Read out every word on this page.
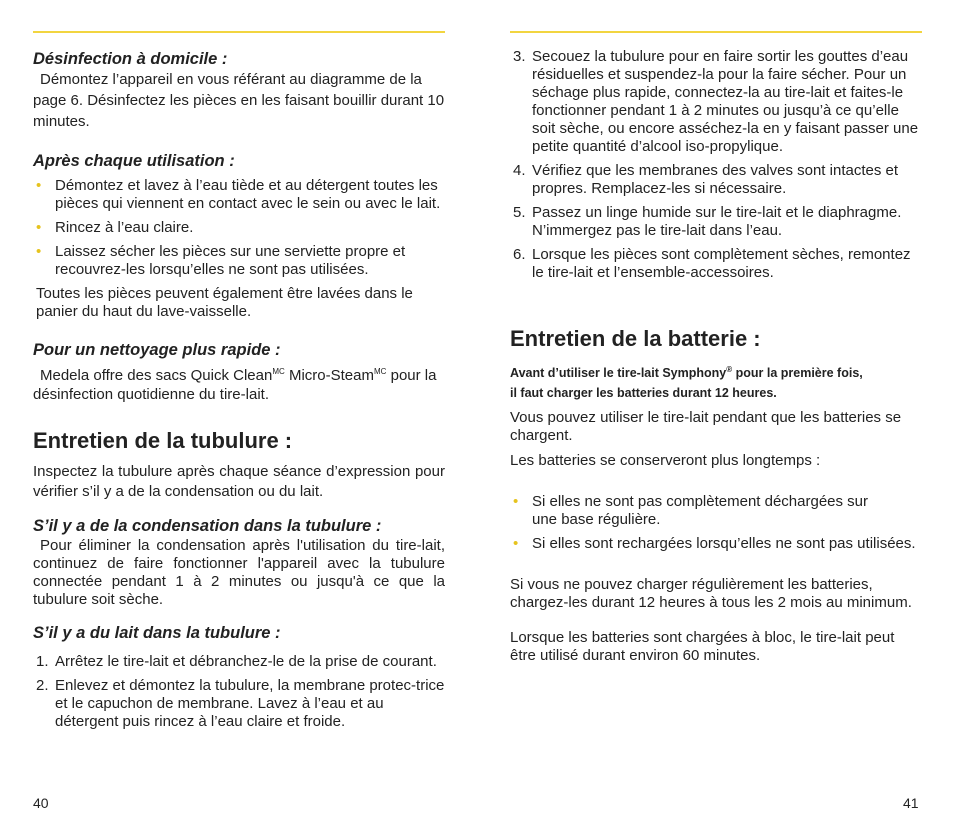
Désinfection à domicile :

Démontez l’appareil en vous référant au diagramme de la page 6. Désinfectez les pièces en les faisant bouillir durant 10 minutes.

Après chaque utilisation :

• Démontez et lavez à l’eau tiède et au détergent toutes les pièces qui viennent en contact avec le sein ou avec le lait.
• Rincez à l’eau claire.
• Laissez sécher les pièces sur une serviette propre et recouvrez-les lorsqu’elles ne sont pas utilisées.

Toutes les pièces peuvent également être lavées dans le panier du haut du lave-vaisselle.

Pour un nettoyage plus rapide :

Medela offre des sacs Quick Clean$^{MC}$ Micro-Steam$^{MC}$ pour la désinfection quotidienne du tire-lait.

Entretien de la tubulure :

Inspectez la tubulure après chaque séance d’expression pour vérifier s’il y a de la condensation ou du lait.

S’il y a de la condensation dans la tubulure :

Pour éliminer la condensation après l'utilisation du tire-lait, continuez de faire fonctionner l'appareil avec la tubulure connectée pendant 1 à 2 minutes ou jusqu'à ce que la tubulure soit sèche.

S’il y a du lait dans la tubulure :

1. Arrêtez le tire-lait et débranchez-le de la prise de courant.
2. Enlevez et démontez la tubulure, la membrane protec-trice et le capuchon de membrane. Lavez à l’eau et au détergent puis rincez à l’eau claire et froide.
40
3. Secouez la tubulure pour en faire sortir les gouttes d’eau résiduelles et suspendez-la pour la faire sécher. Pour un séchage plus rapide, connectez-la au tire-lait et faites-le fonctionner pendant 1 à 2 minutes ou jusqu’à ce qu’elle soit sèche, ou encore asséchez-la en y faisant passer une petite quantité d’alcool iso-propylique.
4. Vérifiez que les membranes des valves sont intactes et propres. Remplacez-les si nécessaire.
5. Passez un linge humide sur le tire-lait et le diaphragme. N’immergez pas le tire-lait dans l’eau.
6. Lorsque les pièces sont complètement sèches, remontez le tire-lait et l’ensemble-accessoires.

Entretien de la batterie :

Avant d’utiliser le tire-lait Symphony® pour la première fois,
il faut charger les batteries durant 12 heures.

Vous pouvez utiliser le tire-lait pendant que les batteries se chargent.

Les batteries se conserveront plus longtemps :

• Si elles ne sont pas complètement déchargées sur une base régulière.
• Si elles sont rechargées lorsqu’elles ne sont pas utilisées.

Si vous ne pouvez charger régulièrement les batteries, chargez-les durant 12 heures à tous les 2 mois au minimum.

Lorsque les batteries sont chargées à bloc, le tire-lait peut être utilisé durant environ 60 minutes.

41
